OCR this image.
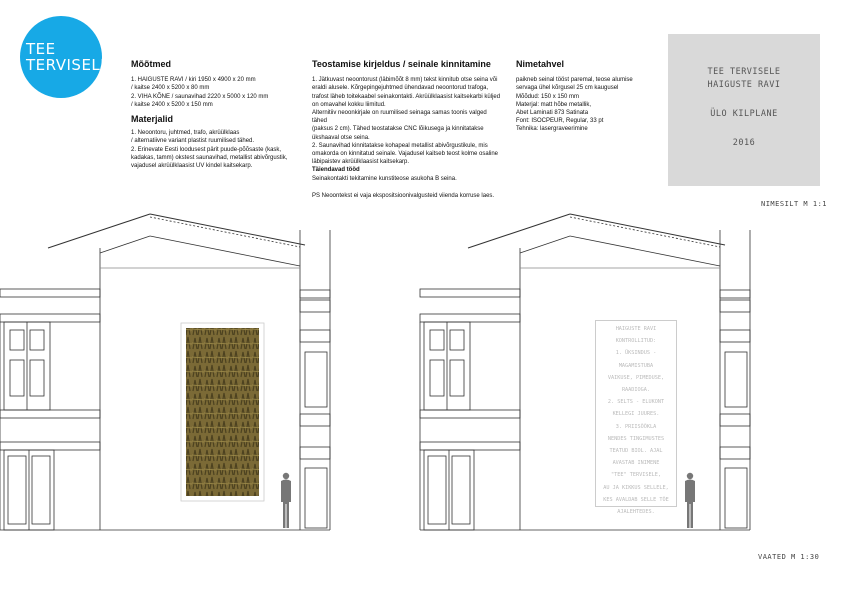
TEE
TERVISELE Mõõtmed

1. HAIGUSTE RAVI / kiri 1950 x 4900 x 20 mm
/ kaitse 2400 x 5200 x 80 mm
2. VIHA KÕNE / saunavihad 2220 x 5000 x 120 mm
/ kaitse 2400 x 5200 x 150 mm

Materjalid

1. Neoontoru, juhtmed, trafo, akrüülklaas
/ alternatiivne variant plastist ruumilised tähed.
2. Erinevate Eesti loodusest pärit puude-põõsaste (kask,
kadakas, tamm) okstest saunavihad, metallist abivõrgustik,
vajadusel akrüülklaasist UV kindel kaitsekarp.

Teostamise kirjeldus / seinale kinnitamine

1. Jätkuvast neoontorust (läbimõõt 8 mm) tekst kinnitub otse seina või
eraldi alusele. Kõrgepingejuhtmed ühendavad neoontorud trafoga,
trafost läheb toitekaabel seinakontakti. Akrüülklaasist kaitsekarbi küljed
on omavahel kokku liimitud.
Alternitiiv neoonkirjale on ruumilised seinaga samas toonis valged tähed
(paksus 2 cm). Tähed teostatakse CNC lõikusega ja kinnitatakse
ükshaaval otse seina.
2. Saunavihad kinnitatakse kohapeal metallist abivõrgustikule, mis
omakorda on kinnitatud seinale. Vajadusel kaitseb teost kolme osaline
läbipaistev akrüülklaasist kaitsekarp.
Täiendavad tööd
Seinakontakti tekitamine kunstiteose asukoha B seina.

PS Neoontekst ei vaja ekspositsioonivalgusteid viienda korruse laes.

Nimetahvel

paikneb seinal tööst paremal, teose alumise
servaga ühel kõrgusel 25 cm kaugusel
Mõõdud: 150 x 150 mm
Materjal: matt hõbe metallik,
Abet Laminati 873 Satinata
Font: ISOCPEUR, Regular, 33 pt
Tehnika: lasergraveerimine

TEE TERVISELE
HAIGUSTE RAVI
ÜLO KILPLANE
2016
NIMESILT M 1:1
VAATED M 1:30
HAIGUSTE RAVI
KONTROLLITUD:
1. ÜKSINDUS -
MAGAMISTUBA
VAIKUSE, PIMEDUSE,
RAADIOGA.
2. SELTS - ELUKONT
KELLEGI JUURES.
3. PRIISÕÕKLA
NENDES TINGIMUSTES
TEATUD BIOL. AJAL
AVASTAB INIMENE
"TEE" TERVISELE,
AU JA KIKKUS SELLELE,
KES AVALDAB SELLE TÕE
AJALEHTEDES.
